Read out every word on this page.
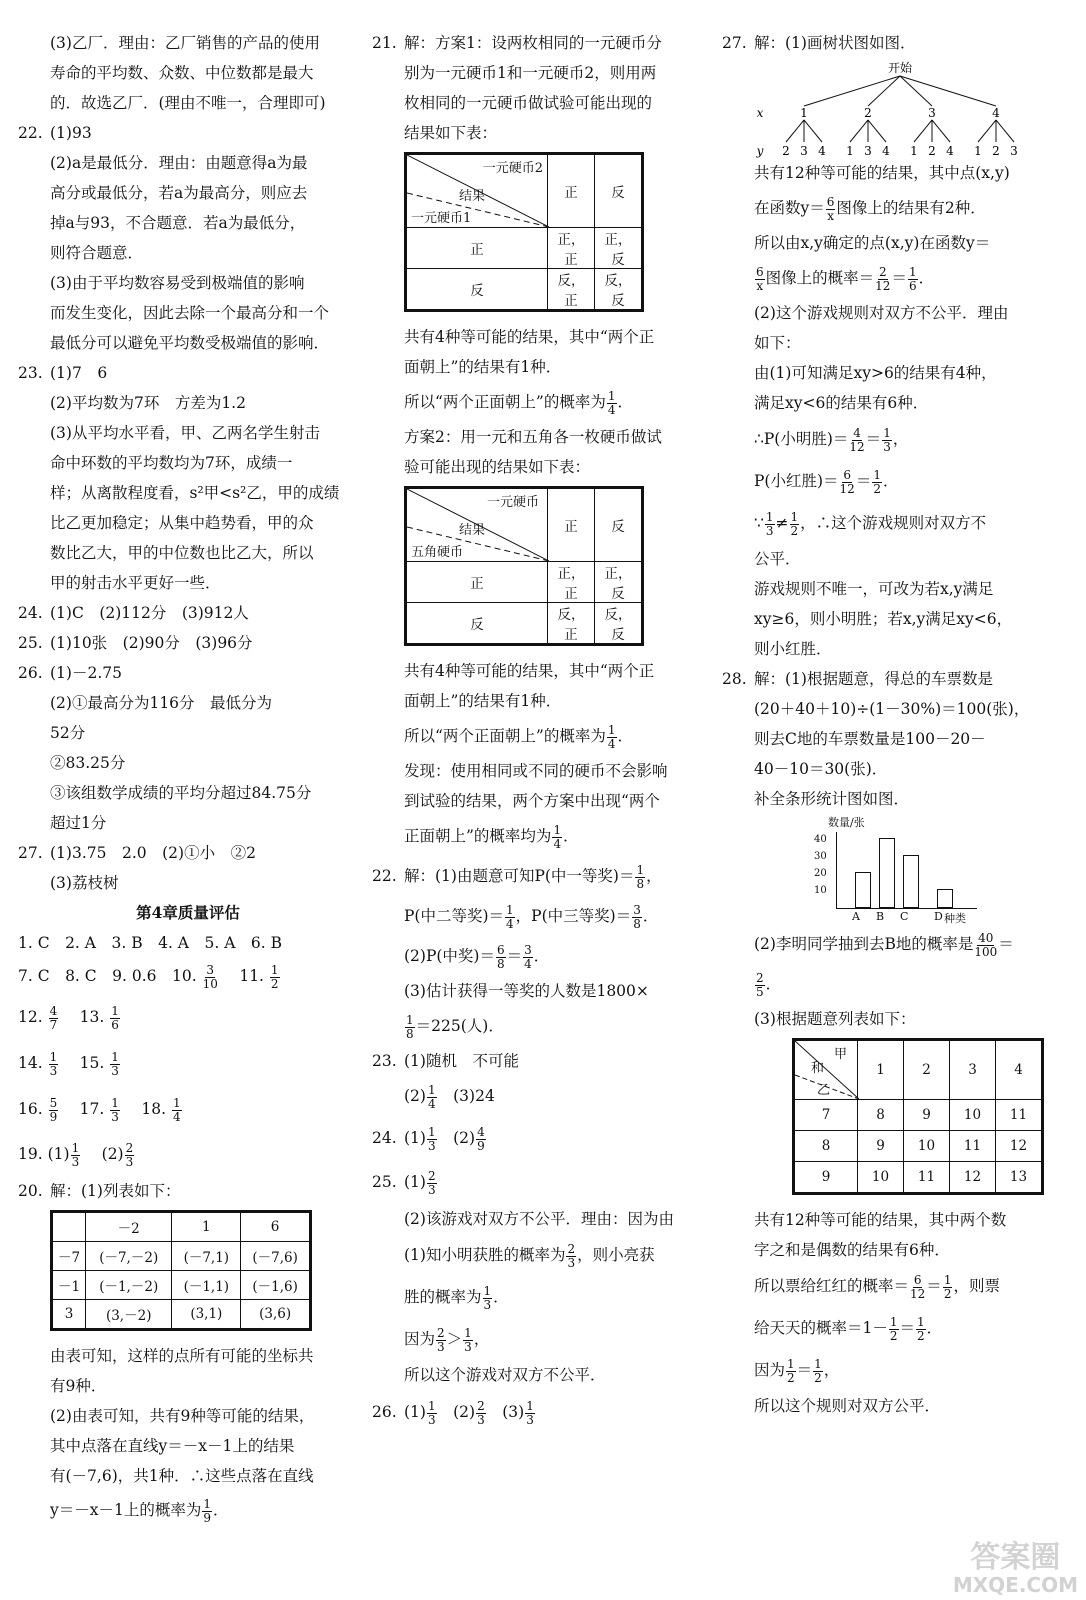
(3)乙厂．理由：乙厂销售的产品的使用
寿命的平均数、众数、中位数都是最大
的．故选乙厂．(理由不唯一，合理即可)
22. (1)93
(2)a是最低分．理由：由题意得a为最
高分或最低分，若a为最高分，则应去
掉a与93，不合题意．若a为最低分，
则符合题意．
(3)由于平均数容易受到极端值的影响
而发生变化，因此去除一个最高分和一个
最低分可以避免平均数受极端值的影响．
23. (1)7　6
(2)平均数为7环　方差为1.2
(3)从平均水平看，甲、乙两名学生射击
命中环数的平均数均为7环，成绩一
样；从离散程度看，s²甲<s²乙，甲的成绩
比乙更加稳定；从集中趋势看，甲的众
数比乙大，甲的中位数也比乙大，所以
甲的射击水平更好一些．
24. (1)C　(2)112分　(3)912人
25. (1)10张　(2)90分　(3)96分
26. (1)－2.75
(2)①最高分为116分　最低分为
52分
②83.25分
③该组数学成绩的平均分超过84.75分
超过1分
27. (1)3.75　2.0　(2)①小　②2
(3)荔枝树
第4章质量评估
1. C　2. A　3. B　4. A　5. A　6. B
7. C　8. C　9. 0.6　10. $\frac{3}{10}$
　 11. $\frac{1}{2}$
12. $\frac{4}{7}$
　 13. $\frac{1}{6}$
14. $\frac{1}{3}$
　 15. $\frac{1}{3}$
16. $\frac{5}{9}$
　 17. $\frac{1}{3}$
　 18. $\frac{1}{4}$
19. $(1) \frac{1}{3}$
　 $(2) \frac{2}{3}$
20. 解：(1)列表如下：
	－2	1	6
－7	(－7,－2)	(－7,1)	(－7,6)
－1	(－1,－2)	(－1,1)	(－1,6)
3	(3,－2)	(3,1)	(3,6)
由表可知，这样的点所有可能的坐标共
有9种．
(2)由表可知，共有9种等可能的结果，
其中点落在直线y＝－x－1上的结果
有(－7,6)，共1种．∴这些点落在直线
y＝－x－1上的概率为 $\frac{1}{9}$ ．
21. 解：方案1：设两枚相同的一元硬币分
别为一元硬币1和一元硬币2，则用两
枚相同的一元硬币做试验可能出现的
结果如下表：
一元硬币2
结果
一元硬币1	正	反
正	正，正	正，反
反	反，正	反，反
共有4种等可能的结果，其中“两个正
面朝上”的结果有1种．
所以“两个正面朝上”的概率为 $\frac{1}{4}$ ．
方案2：用一元和五角各一枚硬币做试
验可能出现的结果如下表：
一元硬币
结果
五角硬币	正	反
正	正，正	正，反
反	反，正	反，反
共有4种等可能的结果，其中“两个正
面朝上”的结果有1种．
所以“两个正面朝上”的概率为 $\frac{1}{4}$ ．
发现：使用相同或不同的硬币不会影响
到试验的结果，两个方案中出现“两个
正面朝上”的概率均为 $\frac{1}{4}$ ．
22. 解：(1)由题意可知P(中一等奖)＝ $\frac{1}{8}$ ，
P(中二等奖)＝ $\frac{1}{4}$ ，P(中三等奖)＝ $\frac{3}{8}$ ．
(2)P(中奖)＝ $\frac{6}{8} = \frac{3}{4}$ ．
(3)估计获得一等奖的人数是1800×
$\frac{1}{8} =225$(人)．
23. (1)随机　不可能
$(2) \frac{1}{4}$
　 (3)24
24. $(1) \frac{1}{3}$
　 $(2) \frac{4}{9}$
25. $(1) \frac{2}{3}$
(2)该游戏对双方不公平．理由：因为由
(1)知小明获胜的概率为 $\frac{2}{3}$ ，则小亮获
胜的概率为 $\frac{1}{3}$ ．
因为 $\frac{2}{3} > \frac{1}{3}$ ，
所以这个游戏对双方不公平．
26. $(1) \frac{1}{3}$
　 $(2) \frac{2}{3}$
　 $(3) \frac{1}{3}$
27. 解：(1)画树状图如图．
开始
x
y
1	2	3	4
2 3 4 1 3 4 1 2 4 1 2 3
共有12种等可能的结果，其中点(x,y)
在函数$y= \frac{6}{x}$ 图像上的结果有2种．
所以由x,y确定的点(x,y)在函数y＝
$\frac{6}{x}$ 图像上的概率＝ $\frac{2}{12} = \frac{1}{6}$ ．
(2)这个游戏规则对双方不公平．理由
如下：
由(1)可知满足xy>6的结果有4种，
满足xy<6的结果有6种．
∴P(小明胜)＝ $\frac{4}{12} = \frac{1}{3}$ ，
P(小红胜)＝ $\frac{6}{12} = \frac{1}{2}$ ．
∵ $\frac{1}{3} \ne \frac{1}{2}$ ，∴这个游戏规则对双方不
公平．
游戏规则不唯一，可改为若x,y满足
xy≥6，则小明胜；若x,y满足xy<6，
则小红胜．
28. 解：(1)根据题意，得总的车票数是
(20＋40＋10)÷(1－30%)＝100(张)，
则去C地的车票数量是100－20－
40－10＝30(张)．
补全条形统计图如图．
数量/张
10
20
30
40
A B C D 种类
(2)李明同学抽到去B地的概率是 $\frac{40}{100}$ ＝
$\frac{2}{5}$ ．
(3)根据题意列表如下：
甲
和
乙	1	2	3	4
7	8	9	10	11
8	9	10	11	12
9	10	11	12	13
共有12种等可能的结果，其中两个数
字之和是偶数的结果有6种．
所以票给红红的概率＝ $\frac{6}{12} = \frac{1}{2}$ ，则票
给天天的概率$=1- \frac{1}{2} = \frac{1}{2}$ ．
因为 $\frac{1}{2} = \frac{1}{2}$ ，
所以这个规则对双方公平．
答案圈
MXQE.COM
